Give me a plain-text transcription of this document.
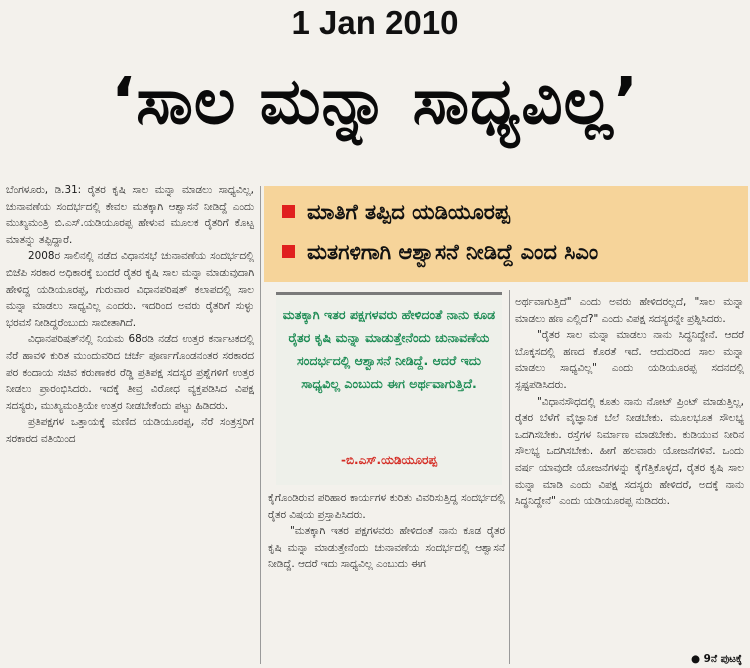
1 Jan 2010
‘ಸಾಲ ಮನ್ನಾ ಸಾಧ್ಯವಿಲ್ಲ’

ಬೆಂಗಳೂರು, ಡಿ.31: ರೈತರ ಕೃಷಿ ಸಾಲ ಮನ್ನಾ ಮಾಡಲು ಸಾಧ್ಯವಿಲ್ಲ, ಚುನಾವಣೆಯ ಸಂದರ್ಭದಲ್ಲಿ ಕೇವಲ ಮತಕ್ಕಾಗಿ ಆಶ್ವಾಸನೆ ನೀಡಿದ್ದೆ ಎಂದು ಮುಖ್ಯಮಂತ್ರಿ ಬಿ.ಎಸ್.ಯಡಿಯೂರಪ್ಪ ಹೇಳುವ ಮೂಲಕ ರೈತರಿಗೆ ಕೊಟ್ಟ ಮಾತನ್ನು ತಪ್ಪಿದ್ದಾರೆ.

2008ರ ಸಾಲಿನಲ್ಲಿ ನಡೆದ ವಿಧಾನಸಭೆ ಚುನಾವಣೆಯ ಸಂದರ್ಭದಲ್ಲಿ ಬಿಜೆಪಿ ಸರಕಾರ ಅಧಿಕಾರಕ್ಕೆ ಬಂದರೆ ರೈತರ ಕೃಷಿ ಸಾಲ ಮನ್ನಾ ಮಾಡುವುದಾಗಿ ಹೇಳಿದ್ದ ಯಡಿಯೂರಪ್ಪ, ಗುರುವಾರ ವಿಧಾನಪರಿಷತ್ ಕಲಾಪದಲ್ಲಿ ಸಾಲ ಮನ್ನಾ ಮಾಡಲು ಸಾಧ್ಯವಿಲ್ಲ ಎಂದರು. ಇದರಿಂದ ಅವರು ರೈತರಿಗೆ ಸುಳ್ಳು ಭರವಸೆ ನೀಡಿದ್ದರೆಂಬುದು ಸಾಬೀತಾಗಿದೆ.

ವಿಧಾನಪರಿಷತ್‌ನಲ್ಲಿ ನಿಯಮ 68ರಡಿ ನಡೆದ ಉತ್ತರ ಕರ್ನಾಟಕದಲ್ಲಿ ನೆರೆ ಹಾವಳಿ ಕುರಿತ ಮುಂದುವರಿದ ಚರ್ಚೆ ಪೂರ್ಣಗೊಂಡನಂತರ ಸರಕಾರದ ಪರ ಕಂದಾಯ ಸಚಿವ ಕರುಣಾಕರ ರೆಡ್ಡಿ ಪ್ರತಿಪಕ್ಷ ಸದಸ್ಯರ ಪ್ರಶ್ನೆಗಳಿಗೆ ಉತ್ತರ ನೀಡಲು ಪ್ರಾರಂಭಿಸಿದರು. ಇದಕ್ಕೆ ತೀವ್ರ ವಿರೋಧ ವ್ಯಕ್ತಪಡಿಸಿದ ವಿಪಕ್ಷ ಸದಸ್ಯರು, ಮುಖ್ಯಮಂತ್ರಿಯೇ ಉತ್ತರ ನೀಡಬೇಕೆಂದು ಪಟ್ಟು ಹಿಡಿದರು.

ಪ್ರತಿಪಕ್ಷಗಳ ಒತ್ತಾಯಕ್ಕೆ ಮಣಿದ ಯಡಿಯೂರಪ್ಪ, ನೆರೆ ಸಂತ್ರಸ್ತರಿಗೆ ಸರಕಾರದ ವತಿಯಿಂದ

ಮಾತಿಗೆ ತಪ್ಪಿದ ಯಡಿಯೂರಪ್ಪ
ಮತಗಳಿಗಾಗಿ ಆಶ್ವಾಸನೆ ನೀಡಿದ್ದೆ ಎಂದ ಸಿಎಂ
ಮತಕ್ಕಾಗಿ ಇತರ ಪಕ್ಷಗಳವರು ಹೇಳಿದಂತೆ ನಾನು ಕೂಡ ರೈತರ ಕೃಷಿ ಮನ್ನಾ ಮಾಡುತ್ತೇನೆಂದು ಚುನಾವಣೆಯ ಸಂದರ್ಭದಲ್ಲಿ ಆಶ್ವಾಸನೆ ನೀಡಿದ್ದೆ. ಆದರೆ ಇದು ಸಾಧ್ಯವಿಲ್ಲ ಎಂಬುದು ಈಗ ಅರ್ಥವಾಗುತ್ತಿದೆ.
-ಬಿ.ಎಸ್.ಯಡಿಯೂರಪ್ಪ

ಕೈಗೊಂಡಿರುವ ಪರಿಹಾರ ಕಾರ್ಯಗಳ ಕುರಿತು ವಿವರಿಸುತ್ತಿದ್ದ ಸಂದರ್ಭದಲ್ಲಿ ರೈತರ ವಿಷಯ ಪ್ರಸ್ತಾಪಿಸಿದರು.

"ಮತಕ್ಕಾಗಿ ಇತರ ಪಕ್ಷಗಳವರು ಹೇಳಿದಂತೆ ನಾನು ಕೂಡ ರೈತರ ಕೃಷಿ ಮನ್ನಾ ಮಾಡುತ್ತೇನೆಂದು ಚುನಾವಣೆಯ ಸಂದರ್ಭದಲ್ಲಿ ಆಶ್ವಾಸನೆ ನೀಡಿದ್ದೆ. ಆದರೆ ಇದು ಸಾಧ್ಯವಿಲ್ಲ ಎಂಬುದು ಈಗ

ಅರ್ಥವಾಗುತ್ತಿದೆ" ಎಂದು ಅವರು ಹೇಳಿದರಲ್ಲದೆ, "ಸಾಲ ಮನ್ನಾ ಮಾಡಲು ಹಣ ಎಲ್ಲಿದೆ?" ಎಂದು ವಿಪಕ್ಷ ಸದಸ್ಯರನ್ನೇ ಪ್ರಶ್ನಿಸಿದರು.

"ರೈತರ ಸಾಲ ಮನ್ನಾ ಮಾಡಲು ನಾನು ಸಿದ್ಧನಿದ್ದೇನೆ. ಆದರೆ ಬೊಕ್ಕಸದಲ್ಲಿ ಹಣದ ಕೊರತೆ ಇದೆ. ಆದುದರಿಂದ ಸಾಲ ಮನ್ನಾ ಮಾಡಲು ಸಾಧ್ಯವಿಲ್ಲ" ಎಂದು ಯಡಿಯೂರಪ್ಪ ಸದನದಲ್ಲಿ ಸ್ಪಷ್ಟಪಡಿಸಿದರು.

"ವಿಧಾನಸೌಧದಲ್ಲಿ ಕೂತು ನಾನು ನೋಟ್ ಪ್ರಿಂಟ್ ಮಾಡುತ್ತಿಲ್ಲ, ರೈತರ ಬೆಳೆಗೆ ವೈಜ್ಞಾನಿಕ ಬೆಲೆ ನೀಡಬೇಕು. ಮೂಲಭೂತ ಸೌಲಭ್ಯ ಒದಗಿಸಬೇಕು. ರಸ್ತೆಗಳ ನಿರ್ಮಾಣ ಮಾಡಬೇಕು. ಕುಡಿಯುವ ನೀರಿನ ಸೌಲಭ್ಯ ಒದಗಿಸಬೇಕು. ಹೀಗೆ ಹಲವಾರು ಯೋಜನೆಗಳಿವೆ. ಒಂದು ವರ್ಷ ಯಾವುದೇ ಯೋಜನೆಗಳನ್ನು ಕೈಗೆತ್ತಿಕೊಳ್ಳದೆ, ರೈತರ ಕೃಷಿ ಸಾಲ ಮನ್ನಾ ಮಾಡಿ ಎಂದು ವಿಪಕ್ಷ ಸದಸ್ಯರು ಹೇಳಿದರೆ, ಅದಕ್ಕೆ ನಾನು ಸಿದ್ಧನಿದ್ದೇನೆ" ಎಂದು ಯಡಿಯೂರಪ್ಪ ನುಡಿದರು.

● 9ನೆ ಪುಟಕ್ಕೆ
